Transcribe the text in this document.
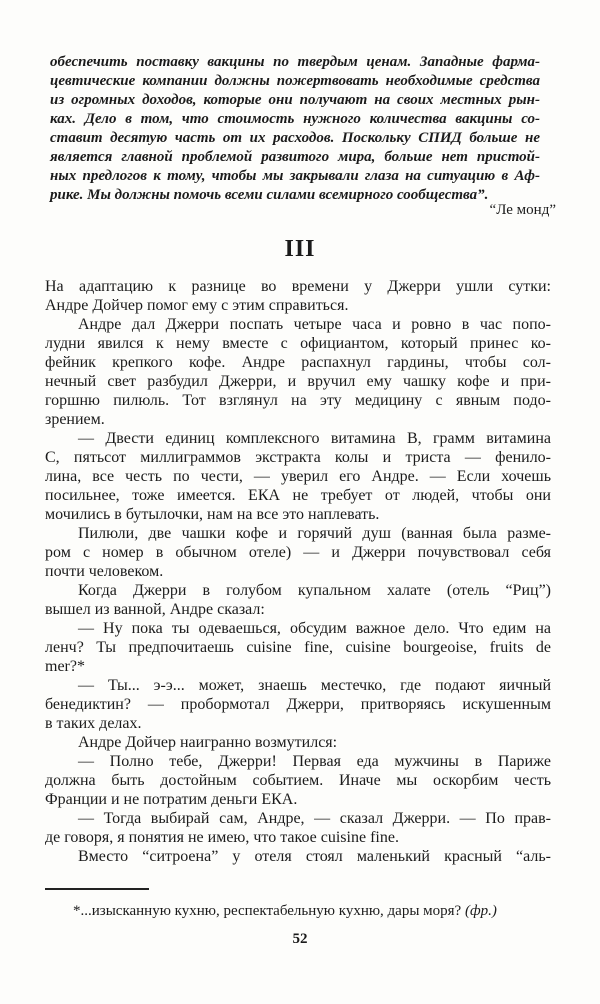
обеспечить поставку вакцины по твердым ценам. Западные фарма-
цевтические компании должны пожертвовать необходимые средства
из огромных доходов, которые они получают на своих местных рын-
ках. Дело в том, что стоимость нужного количества вакцины со-
ставит десятую часть от их расходов. Поскольку СПИД больше не
является главной проблемой развитого мира, больше нет пристой-
ных предлогов к тому, чтобы мы закрывали глаза на ситуацию в Аф-
рике. Мы должны помочь всеми силами всемирного сообщества”.
“Ле монд”
III
На адаптацию к разнице во времени у Джерри ушли сутки:
Андре Дойчер помог ему с этим справиться.
Андре дал Джерри поспать четыре часа и ровно в час попо-
лудни явился к нему вместе с официантом, который принес ко-
фейник крепкого кофе. Андре распахнул гардины, чтобы сол-
нечный свет разбудил Джерри, и вручил ему чашку кофе и при-
горшню пилюль. Тот взглянул на эту медицину с явным подо-
зрением.
— Двести единиц комплексного витамина В, грамм витамина
С, пятьсот миллиграммов экстракта колы и триста — фенило-
лина, все честь по чести, — уверил его Андре. — Если хочешь
посильнее, тоже имеется. ЕКА не требует от людей, чтобы они
мочились в бутылочки, нам на все это наплевать.
Пилюли, две чашки кофе и горячий душ (ванная была разме-
ром с номер в обычном отеле) — и Джерри почувствовал себя
почти человеком.
Когда Джерри в голубом купальном халате (отель “Риц”)
вышел из ванной, Андре сказал:
— Ну пока ты одеваешься, обсудим важное дело. Что едим на
ленч? Ты предпочитаешь cuisine fine, cuisine bourgeoise, fruits de
mer?*
— Ты... э-э... может, знаешь местечко, где подают яичный
бенедиктин? — пробормотал Джерри, притворяясь искушенным
в таких делах.
Андре Дойчер наигранно возмутился:
— Полно тебе, Джерри! Первая еда мужчины в Париже
должна быть достойным событием. Иначе мы оскорбим честь
Франции и не потратим деньги ЕКА.
— Тогда выбирай сам, Андре, — сказал Джерри. — По прав-
де говоря, я понятия не имею, что такое cuisine fine.
Вместо “ситроена” у отеля стоял маленький красный “аль-
*...изысканную кухню, респектабельную кухню, дары моря? (фр.)
52
